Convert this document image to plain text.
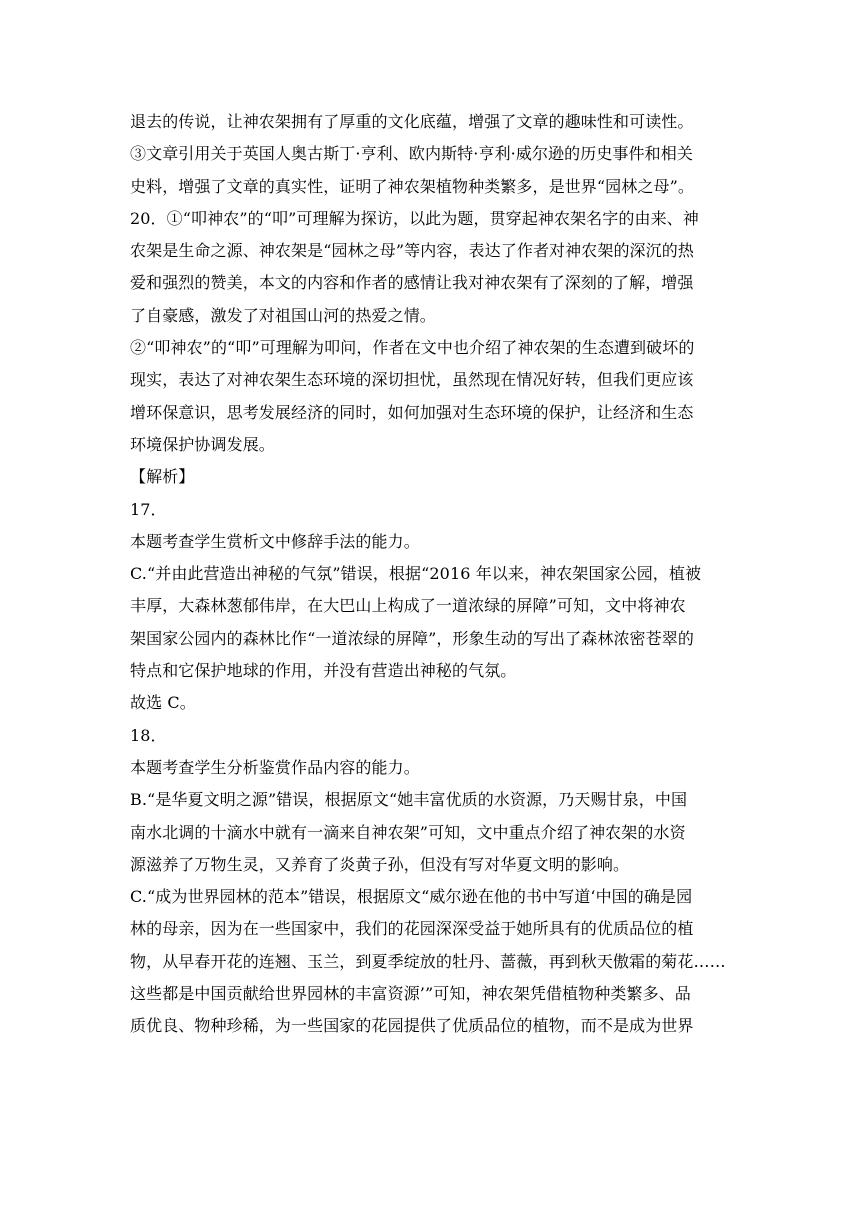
退去的传说，让神农架拥有了厚重的文化底蕴，增强了文章的趣味性和可读性。
③文章引用关于英国人奥古斯丁·亨利、欧内斯特·亨利·威尔逊的历史事件和相关
史料，增强了文章的真实性，证明了神农架植物种类繁多，是世界“园林之母”。
20．①“叩神农”的“叩”可理解为探访，以此为题，贯穿起神农架名字的由来、神
农架是生命之源、神农架是“园林之母”等内容，表达了作者对神农架的深沉的热
爱和强烈的赞美，本文的内容和作者的感情让我对神农架有了深刻的了解，增强
了自豪感，激发了对祖国山河的热爱之情。
②“叩神农”的“叩”可理解为叩问，作者在文中也介绍了神农架的生态遭到破坏的
现实，表达了对神农架生态环境的深切担忧，虽然现在情况好转，但我们更应该
增环保意识，思考发展经济的同时，如何加强对生态环境的保护，让经济和生态
环境保护协调发展。
【解析】
17．
本题考查学生赏析文中修辞手法的能力。
C.“并由此营造出神秘的气氛”错误，根据“2016 年以来，神农架国家公园，植被
丰厚，大森林葱郁伟岸，在大巴山上构成了一道浓绿的屏障”可知，文中将神农
架国家公园内的森林比作“一道浓绿的屏障”，形象生动的写出了森林浓密苍翠的
特点和它保护地球的作用，并没有营造出神秘的气氛。
故选 C。
18．
本题考查学生分析鉴赏作品内容的能力。
B.“是华夏文明之源”错误，根据原文“她丰富优质的水资源，乃天赐甘泉，中国
南水北调的十滴水中就有一滴来自神农架”可知，文中重点介绍了神农架的水资
源滋养了万物生灵，又养育了炎黄子孙，但没有写对华夏文明的影响。
C.“成为世界园林的范本”错误，根据原文“威尔逊在他的书中写道‘中国的确是园
林的母亲，因为在一些国家中，我们的花园深深受益于她所具有的优质品位的植
物，从早春开花的连翘、玉兰，到夏季绽放的牡丹、蔷薇，再到秋天傲霜的菊花……
这些都是中国贡献给世界园林的丰富资源’”可知，神农架凭借植物种类繁多、品
质优良、物种珍稀，为一些国家的花园提供了优质品位的植物，而不是成为世界
